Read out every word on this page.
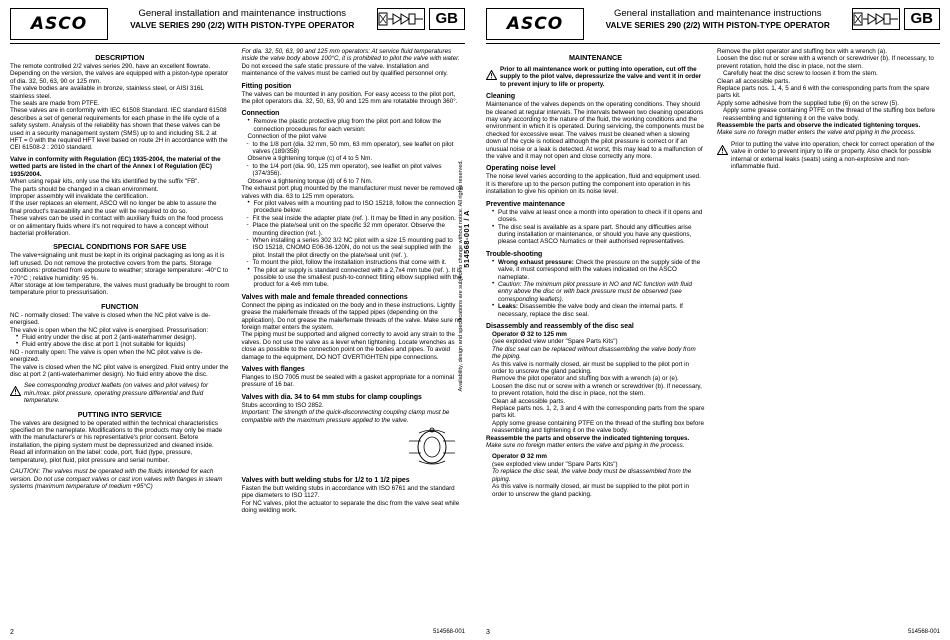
ASCO
General installation and maintenance instructions
VALVE SERIES 290 (2/2) WITH PISTON-TYPE OPERATOR	GB
DESCRIPTION

The remote controlled 2/2 valves series 290, have an excellent flowrate.

Depending on the version, the valves are equipped with a piston-type operator of dia. 32, 50, 63, 90 or 125 mm.

The valve bodies are available in bronze, stainless steel, or AISI 316L stainless steel.

The seals are made from PTFE.

These valves are in conformity with IEC 61508 Standard. IEC standard 61508 describes a set of general requirements for each phase in the life cycle of a safety system. Analysis of the reliability has shown that these valves can be used in a security management system (SMS) up to and including SIL 2 at HFT = 0 with the required HFT level based on route 2H in accordance with the CEI 61508-2 : 2010 standard.

Valve in conformity with Regulation (EC) 1935-2004, the material of the wetted parts are listed in the chart of the Annex I of Regulation (EC) 1935/2004.

When using repair kits, only use the kits identified by the suffix "FB".

The parts should be changed in a clean environment.

Improper assembly will invalidate the certification.

If the user replaces an element, ASCO will no longer be able to assure the final product's traceability and the user will be required to do so.

These valves can be used in contact with auxiliary fluids on the food process or on alimentary fluids where it's not required to have a concept without bacterial proliferation.

SPECIAL CONDITIONS FOR SAFE USE

The valve+signaling unit must be kept in its original packaging as long as it is left unused. Do not remove the protective covers from the parts. Storage conditions: protected from exposure to weather; storage temperature: -40°C to +70°C ; relative humidity: 95 %.

After storage at low temperature, the valves must gradually be brought to room temperature prior to pressurisation.

FUNCTION

NC - normally closed: The valve is closed when the NC pilot valve is de-energised.

The valve is open when the NC pilot valve is energised. Pressurisation:

• Fluid entry under the disc at port 2 (anti-waterhammer design).
• Fluid entry above the disc at port 1 (not suitable for liquids)

NO - normally open: The valve is open when the NC pilot valve is de-energized.

The valve is closed when the NC pilot valve is energized. Fluid entry under the disc at port 2 (anti-waterhammer design). No fluid entry above the disc.

See corresponding product leaflets (on valves and pilot valves) for min./max. pilot pressure, operating pressure differential and fluid temperature.

PUTTING INTO SERVICE

The valves are designed to be operated within the technical characteristics specified on the nameplate. Modifications to the products may only be made with the manufacturer's or his representative's prior consent. Before installation, the piping system must be depressurized and cleaned inside.

Read all information on the label: code, port, fluid (type, pressure, temperature), pilot fluid, pilot pressure and serial number.

CAUTION: The valves must be operated with the fluids intended for each version. Do not use compact valves or cast iron valves with flanges in steam systems (maximum temperature of medium +95°C)

For dia. 32, 50, 63, 90 and 125 mm operators: At service fluid temperatures inside the valve body above 100°C, it is prohibited to pilot the valve with water.

Do not exceed the safe static pressure of the valve. Installation and maintenance of the valves must be carried out by qualified personnel only.

Fitting position

The valves can be mounted in any position. For easy access to the pilot port, the pilot operators dia. 32, 50, 63, 90 and 125 mm are rotatable through 360°.

Connection
• Remove the plastic protective plug from the pilot port and follow the connection procedures for each version:

Connection of the pilot valve

- to the 1/8 port (dia. 32 mm, 50 mm, 63 mm operator), see leaflet on pilot valves (189/358)

Observe a tightening torque (c) of 4 to 5 Nm.

- to the 1/4 port (dia. 90, 125 mm operator), see leaflet on pilot valves (374/356).

Observe a tightening torque (d) of 6 to 7 Nm.

The exhaust port plug mounted by the manufacturer must never be removed on valves with dia. 63 to 125 mm operators.

• For pilot valves with a mounting pad to ISO 15218, follow the connection procedure below:
- Fit the seal inside the adapter plate (ref. ). It may be fitted in any position.
- Place the plate/seal unit on the specific 32 mm operator. Observe the mounting direction (ref. ).
- When installing a series 302 3/2 NC pilot with a size 15 mounting pad to ISO 15218, CNOMO E06-36-120N, do not us the seal supplied with the pilot. Install the pilot directly on the plate/seal unit (ref. ).
- To mount the pilot, follow the installation instructions that come with it.
• The pilot air supply is standard connected with a 2,7x4 mm tube (ref. ). It is possible to use the smallest push-to-connect fitting elbow supplied with the product for a 4x6 mm tube.
Valves with male and female threaded connections

Connect the piping as indicated on the body and in these instructions. Lightly grease the male/female threads of the tapped pipes (depending on the application). Do not grease the male/female threads of the valve. Make sure no foreign matter enters the system.

The piping must be supported and aligned correctly to avoid any strain to the valves. Do not use the valve as a lever when tightening. Locate wrenches as close as possible to the connection point on the bodies and pipes. To avoid damage to the equipment, DO NOT OVERTIGHTEN pipe connections.

Valves with flanges

Flanges to ISO 7005 must be sealed with a gasket appropriate for a nominal pressure of 16 bar.

Valves with dia. 34 to 64 mm stubs for clamp couplings

Stubs according to ISO 2852.

Important: The strength of the quick-disconnecting coupling clamp must be compatible with the maximum pressure applied to the valve.

Valves with butt welding stubs for 1/2 to 1 1/2 pipes

Fasten the butt welding stubs in accordance with ISO 6761 and the standard pipe diameters to ISO 1127.

For NC valves, pilot the actuator to separate the disc from the valve seat while doing welding work.

514568-001 / A
Availability, design and specifications are subject to change without notice. All rights reserved.
2	514568-001
ASCO
General installation and maintenance instructions
VALVE SERIES 290 (2/2) WITH PISTON-TYPE OPERATOR	GB
MAINTENANCE

Prior to all maintenance work or putting into operation, cut off the supply to the pilot valve, depressurize the valve and vent it in order to prevent injury to life or property.

Cleaning

Maintenance of the valves depends on the operating conditions. They should be cleaned at regular intervals. The intervals between two cleaning operations may vary according to the nature of the fluid, the working conditions and the environment in which it is operated. During servicing, the components must be checked for excessive wear. The valves must be cleaned when a slowing down of the cycle is noticed although the pilot pressure is correct or if an unusual noise or a leak is detected. At worst, this may lead to a malfunction of the valve and it may not open and close correctly any more.

Operating noise level

The noise level varies according to the application, fluid and equipment used. It is therefore up to the person putting the component into operation in his installation to give his opinion on its noise level.

Preventive maintenance
• Put the valve at least once a month into operation to check if it opens and closes.
• The disc seal is available as a spare part. Should any difficulties arise during installation or maintenance, or should you have any questions, please contact ASCO Numatics or their authorised representatives.
Trouble-shooting
• Wrong exhaust pressure: Check the pressure on the supply side of the valve, it must correspond with the values indicated on the ASCO nameplate.
• Caution: The minimum pilot pressure in NO and NC function with fluid entry above the disc or with back pressure must be observed (see corresponding leaflets).
• Leaks: Disassemble the valve body and clean the internal parts. If necessary, replace the disc seal.
Disassembly and reassembly of the disc seal

Operator Ø 32 to 125 mm

(see exploded view under "Spare Parts Kits")

The disc seal can be replaced without disassembling the valve body from the piping.

As this valve is normally closed, air must be supplied to the pilot port in order to unscrew the gland packing.

Remove the pilot operator and stuffing box with a wrench (a) or (e).

Loosen the disc nut or screw with a wrench or screwdriver (b). If necessary, to prevent rotation, hold the disc in place, not the stem.

Clean all accessible parts.

Replace parts nos. 1, 2, 3 and 4 with the corresponding parts from the spare parts kit.

Apply some grease containing PTFE on the thread of the stuffing box before reassembling and tightening it on the valve body.

Reassemble the parts and observe the indicated tightening torques.

Make sure no foreign matter enters the valve and piping in the process.

Operator Ø 32 mm

(see exploded view under "Spare Parts Kits")

To replace the disc seal, the valve body must be disassembled from the piping.

As this valve is normally closed, air must be supplied to the pilot port in order to unscrew the gland packing.

Remove the pilot operator and stuffing box with a wrench (a).

Loosen the disc nut or screw with a wrench or screwdriver (b). If necessary, to prevent rotation, hold the disc in place, not the stem.

Carefully heat the disc screw to loosen it from the stem.

Clean all accessible parts.

Replace parts nos. 1, 4, 5 and 6 with the corresponding parts from the spare parts kit.

Apply some adhesive from the supplied tube (6) on the screw (5).

Apply some grease containing PTFE on the thread of the stuffing box before reassembling and tightening it on the valve body.

Reassemble the parts and observe the indicated tightening torques.

Make sure no foreign matter enters the valve and piping in the process.

Prior to putting the valve into operation, check for correct operation of the valve in order to prevent injury to life or property. Also check for possible internal or external leaks (seats) using a non-explosive and non-inflammable fluid.

3	514568-001
